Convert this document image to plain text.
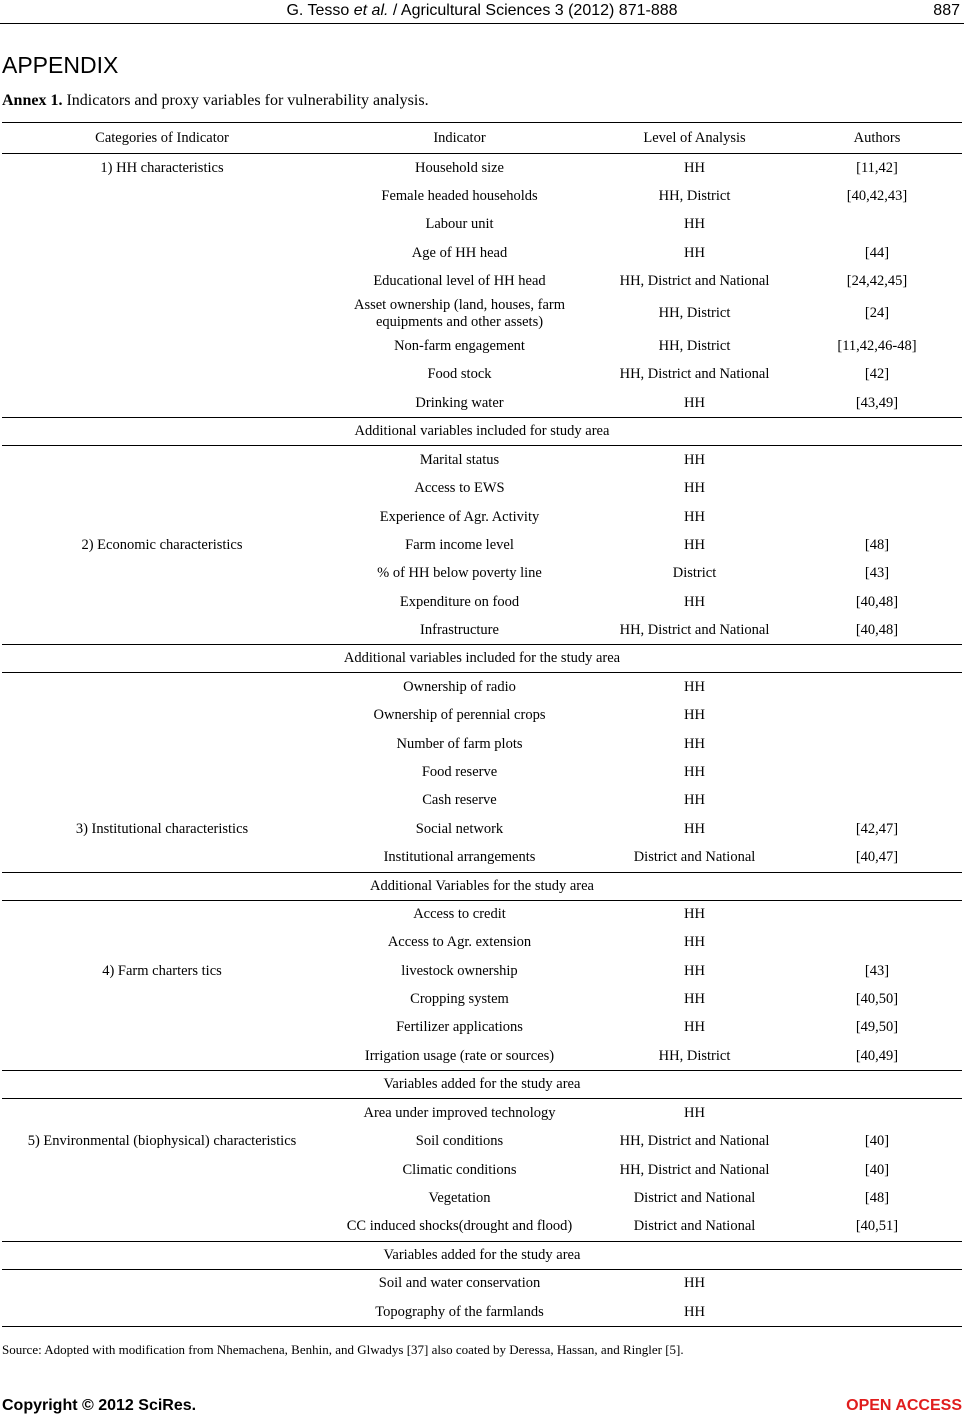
G. Tesso et al. / Agricultural Sciences 3 (2012) 871-888	887
APPENDIX
Annex 1. Indicators and proxy variables for vulnerability analysis.
Categories of Indicator	Indicator	Level of Analysis	Authors
1) HH characteristics	Household size	HH	[11,42]
	Female headed households	HH, District	[40,42,43]
	Labour unit	HH	
	Age of HH head	HH	[44]
	Educational level of HH head	HH, District and National	[24,42,45]
	Asset ownership (land, houses, farm equipments and other assets)	HH, District	[24]
	Non-farm engagement	HH, District	[11,42,46-48]
	Food stock	HH, District and National	[42]
	Drinking water	HH	[43,49]
Additional variables included for study area			
	Marital status	HH	
	Access to EWS	HH	
	Experience of Agr. Activity	HH	
2) Economic characteristics	Farm income level	HH	[48]
	% of HH below poverty line	District	[43]
	Expenditure on food	HH	[40,48]
	Infrastructure	HH, District and National	[40,48]
Additional variables included for the study area			
	Ownership of radio	HH	
	Ownership of perennial crops	HH	
	Number of farm plots	HH	
	Food reserve	HH	
	Cash reserve	HH	
3) Institutional characteristics	Social network	HH	[42,47]
	Institutional arrangements	District and National	[40,47]
Additional Variables for the study area			
	Access to credit	HH	
	Access to Agr. extension	HH	
4) Farm charters tics	livestock ownership	HH	[43]
	Cropping system	HH	[40,50]
	Fertilizer applications	HH	[49,50]
	Irrigation usage (rate or sources)	HH, District	[40,49]
Variables added for the study area			
	Area under improved technology	HH	
5) Environmental (biophysical) characteristics	Soil conditions	HH, District and National	[40]
	Climatic conditions	HH, District and National	[40]
	Vegetation	District and National	[48]
	CC induced shocks(drought and flood)	District and National	[40,51]
Variables added for the study area			
	Soil and water conservation	HH	
	Topography of the farmlands	HH	
Source: Adopted with modification from Nhemachena, Benhin, and Glwadys [37] also coated by Deressa, Hassan, and Ringler [5].
Copyright © 2012 SciRes.	OPEN ACCESS
